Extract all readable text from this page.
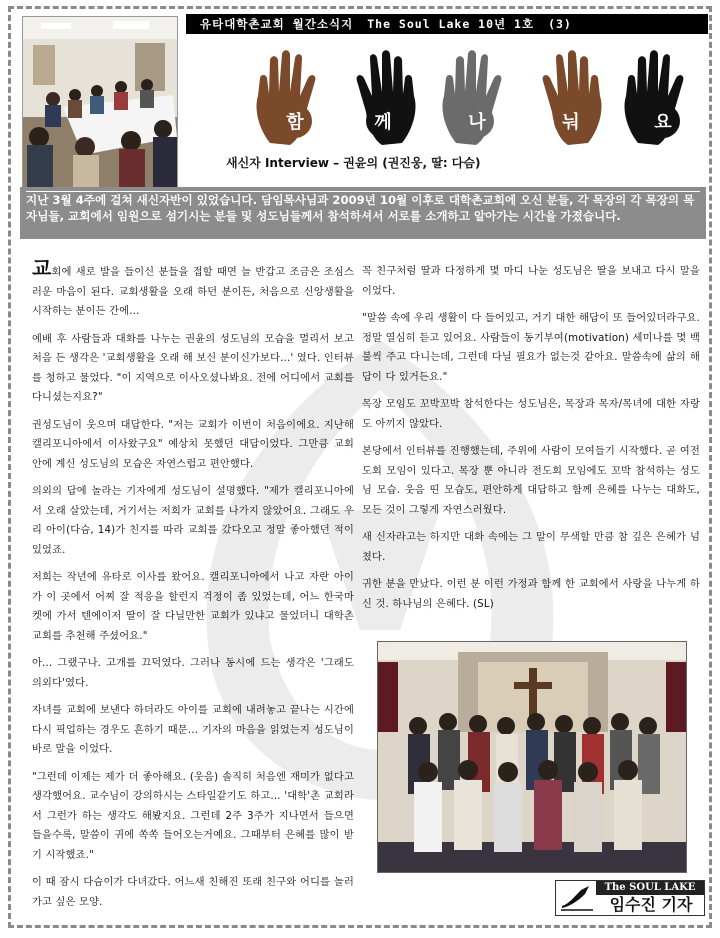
유타대학촌교회 월간소식지 The Soul Lake 10년 1호 (3)
함	께	나	눠	요
새신자 Interview – 권윤의 (권진웅, 딸: 다슴)
지난 3월 4주에 걸쳐 새신자반이 있었습니다. 담임목사님과 2009년 10월 이후로 대학촌교회에 오신 분들, 각 목장의 각 목장의 목자님들, 교회에서 임원으로 섬기시는 분들 및 성도님들께서 참석하셔서 서로를 소개하고 알아가는 시간을 가졌습니다.

교회에 새로 발을 들이신 분들을 접할 때면 늘 반갑고 조금은 조심스러운 마음이 된다. 교회생활을 오래 하던 분이든, 처음으로 신앙생활을 시작하는 분이든 간에...

예배 후 사람들과 대화를 나누는 권윤의 성도님의 모습을 멀리서 보고 처음 든 생각은 '교회생활을 오래 해 보신 분이신가보다...' 였다. 인터뷰를 청하고 물었다. "이 지역으로 이사오셨나봐요. 전에 어디에서 교회를 다니셨는지요?"

권성도님이 웃으며 대답한다. "저는 교회가 이번이 처음이에요. 지난해 캘리포니아에서 이사왔구요" 예상치 못했던 대답이었다. 그만큼 교회 안에 계신 성도님의 모습은 자연스럽고 편안했다.

의외의 답에 놀라는 기자에게 성도님이 설명했다. "제가 캘리포니아에서 오래 살았는데, 거기서는 저희가 교회를 나가지 않았어요. 그래도 우리 아이(다슴, 14)가 친지를 따라 교회를 갔다오고 정말 좋아했던 적이 있었죠.

저희는 작년에 유타로 이사를 왔어요. 캘리포니아에서 나고 자란 아이가 이 곳에서 어찌 잘 적응을 할런지 걱정이 좀 있었는데, 어느 한국마켓에 가서 텐에이저 딸이 잘 다닐만한 교회가 있냐고 물었더니 대학촌 교회를 추천해 주셨어요."

아... 그랬구나. 고개를 끄덕였다. 그러나 동시에 드는 생각은 '그래도 의외다'였다.

자녀를 교회에 보낸다 하더라도 아이를 교회에 내려놓고 끝나는 시간에 다시 픽업하는 경우도 흔하기 때문... 기자의 마음을 읽었는지 성도님이 바로 말을 이었다.

"그런데 이제는 제가 더 좋아해요. (웃음) 솔직히 처음엔 재미가 없다고 생각했어요. 교수님이 강의하시는 스타일같기도 하고... '대학'촌 교회라서 그런가 하는 생각도 해봤지요. 그런데 2주 3주가 지나면서 들으면 들을수록, 말씀이 귀에 쏙쏙 들어오는거예요. 그때부터 은혜를 많이 받기 시작했죠."

이 때 잠시 다슴이가 다녀갔다. 어느새 친해진 또래 친구와 어디를 놀러가고 싶은 모양.

꼭 친구처럼 딸과 다정하게 몇 마디 나눈 성도님은 딸을 보내고 다시 말을 이었다.

"말씀 속에 우리 생활이 다 들어있고, 거기 대한 해답이 또 들어있더라구요. 정말 열심히 듣고 있어요. 사람들이 동기부여(motivation) 세미나를 몇 백불씩 주고 다니는데, 그런데 다닐 필요가 없는것 같아요. 말씀속에 삶의 해답이 다 있거든요."

목장 모임도 꼬박꼬박 참석한다는 성도님은, 목장과 목자/목녀에 대한 자랑도 아끼지 않았다.

본당에서 인터뷰를 진행했는데, 주위에 사람이 모여들기 시작했다. 곧 여전도회 모임이 있다고. 목장 뿐 아니라 전도회 모임에도 꼬박 참석하는 성도님 모습. 웃음 띤 모습도, 편안하게 대답하고 함께 은혜를 나누는 대화도, 모든 것이 그렇게 자연스러웠다.

새 신자라고는 하지만 대화 속에는 그 말이 무색할 만큼 참 깊은 은혜가 넘쳤다.

귀한 분을 만났다. 이런 분 이런 가정과 함께 한 교회에서 사랑을 나누게 하신 것. 하나님의 은혜다. (SL)

The SOUL LAKE
임수진 기자
